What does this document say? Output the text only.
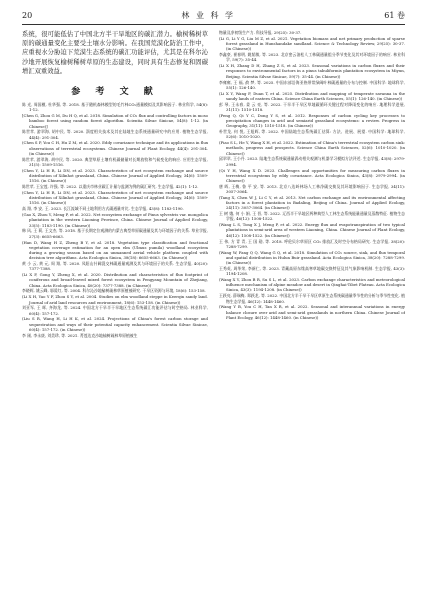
20	林 业 科 学	61 卷

系统，很可能低估了中国北方半干旱地区的碳汇潜力。榆树稀树草原的碳通量变化主要受土壤水分影响。在我国荒漠化防治工作中，应重视水分胁迫下荒漠生态系统的碳汇功能评估，尤其是在科尔沁沙地开展恢复榆树稀树草原的生态建设，同时具有生态修复和固碳增汇双重效益。

参 考 文 献

陈 光, 周国模, 杜华强, 等. 2018. 基于随机森林模型的毛竹林CO₂通量模拟及其影响因子. 林业科学, 54(8): 1-12.

[Chen G, Zhou G M, Du H Q, et al. 2018. Simulation of CO₂ flux and controlling factors in moso bamboo forest using random forest algorithm. Scientia Silvae Sinicae, 54(8): 1-12. (in Chinese)]

陈世苹, 游翠海, 胡中民, 等. 2020. 涡度相关技术及其在陆地生态系统通量研究中的应用. 植物生态学报, 44(4): 291-304.

(Chen S P, You C H, Hu Z M, et al. 2020. Eddy covariance technique and its applications in flux observations of terrestrial ecosystems. Chinese Journal of Plant Ecology, 44(4): 291-304. (in Chinese))

陈世苹, 游翠海, 胡中民, 等. 2020. 典型草原土壤有机碳储量对长期放牧和气候变化的响应. 应用生态学报, 31(5): 1509-1516.

(Chen Y, Li H R, Li DN, et al. 2023. Characteristics of net ecosystem exchange and source distribution of Xilinhot grassland, China. Chinese Journal of Applied Ecology, 34(6): 1509-1516. (in Chinese))

陈世苹, 王宝莲, 许强, 等. 2022. 以重庆市林业碳汇计量与监测为例的碳汇研究. 生态学报, 42(1): 1-12.

(Chen Y, Li H R, Li DN, et al. 2023. Characteristics of net ecosystem exchange and source distribution of Xilinhot grassland, China. Chinese Journal of Applied Ecology, 34(6): 1509-1516. (in Chinese))

高 翔, 李 安, 王. 2023. 长江流域不同土地利用方式碳通量对比. 生态学报, 43(8): 1183-1190.

(Gao X, Zhou Y, Meng P, et al. 2022. Net ecosystem exchange of Pinus sylvestris var. mongolica plantation in the western Liaoning Province, China. Chinese Journal of Applied Ecology, 33(5): 1183-1190. (in Chinese))

韩 风, 王 莉, 王文杰, 等. 2018. 基于长期定位观测的内蒙古典型草原碳通量及其与环境因子的关系. 草业学报, 27(3): 6655-6663.

(Han D, Wang H Z, Zheng B Y, et al. 2018. Vegetation type classification and fractional vegetation coverage estimation for an open elm (Ulmus pumila) woodland ecosystem during a growing season based on an unmanned aerial vehicle platform coupled with decision tree algorithms. Acta Ecologica Sinica, 38(18): 6655-6663. (in Chinese))

黄 小 云, 黄 元, 周 翔, 等. 2020. 凤阳山针阔混交林碳通量观测及其与环境因子的关系. 生态学报, 40(20): 7377-7388.

(Li X F, Gong Y, Zheng X, et al. 2020. Distribution and characteristics of flux footprint of coniferous and broad-leaved mixed forest ecosystem in Fengyang Mountain of Zhejiang, China. Acta Ecologica Sinica, 40(20): 7377-7388. (in Chinese))

李晓辉, 姚云峰, 邬爱红, 等. 2004. 科尔沁沙地榆树疏林草原植被研究. 干旱区资源与环境, 18(6): 153-158.

(Li X H, Yao Y F, Zhou S Y, et al. 2004. Studies on elm woodland steppe in Keerqin sandy land. Journal of arid land resources and environment, 18(6): 153-158. (in Chinese))

刘亚军, 王 晖, 齐海龙, 等. 2024. 中国北方干旱半干旱地区生态系统碳汇功能评估与时空格局. 林业科学, 60(4): 157-172.

(Liu S R, Wang H, Li H K, et al. 2024. Projections of China's forest carbon storage and sequestration and ways of their potential capacity enhancement. Scientia Silvae Sinicae, 60(4): 157-172. (in Chinese))

李 刚, 李永庚, 刘美珍, 等. 2021. 菁莲达克沙地榆树疏林草原植被生

物量及净初级生产力. 科技导报, 29(25): 30-37.

(Li G, Li Y G, Liu M Z, et al. 2021. Vegetation biomass and net primary production of sparse forest grassland in Hunshandake sandland. Science & Technology Review, 29(25): 30-37. (in Chinese))

李鑫豪, 崔春明, 姚韬敏, 等. 2023. 北京密云油松人工林碳通量组分季节变化及其对环境因子的响应. 林业科学, 59(7): 35-44.

(Li X H, Zhang D H, Zhang Z S, et al. 2023. Seasonal variations in carbon fluxes and their responses to environmental factors in a pinus tabuliformis plantation ecosystem in Miyun, Beijing. Scientia Silvae Sinicae, 59(7): 35-44. (in Chinese))

李雍雍, 王 福, 俞 梦, 等. 2025. 中国东部沿海亚热带常绿阔叶林碳通量的分布与控制. 中国科学: 地球科学, 55(1): 126-140.

(Li X Y, Wang F, Duan T, et al. 2025. Distribution and mapping of temperate savanna in the sandy lands of eastern China. Science China Earth Sciences, 55(1): 126-140. (in Chinese))

彭 琴, 王永春, 姜 云 亮, 等. 2022. 干旱半干旱区草地碳循环关键过程对降雨变化的响应. 地理科学进展, 31(11): 1510-1518.

(Peng Q, Qi Y C, Dong Y S, et al. 2012. Responses of carbon cycling key processes to precipitation changes in arid and semiarid grassland ecosystems: a review. Progress in Geography, 31(11): 1510-1518. (in Chinese))

朴世龙, 何 悦, 王旭辉, 等. 2022. 中国陆地生态系统碳汇估算: 方法、进展、展望. 中国科学: 地球科学, 52(6): 1010-1020.

(Piao S L, He Y, Wang X H, et al. 2022. Estimation of China's terrestrial ecosystem carbon sink: methods, progress and prospects. Science China Earth Sciences, 52(6): 1010-1020. (in Chinese))

邱翠翠, 王小丹. 2023. 陆地生态系统碳通量涡动相关观测与机器学习模拟方法评述. 生态学报, 43(8): 2979-2994.

(Qi Y H, Wang X D. 2023. Challenges and opportunities for measuring carbon fluxes in terrestrial ecosystems by eddy covariance. Acta Ecologica Sinica, 43(8): 2979-2994. (in Chinese))

唐 晖, 王梅, 鲁 平 安, 等. 2013. 北京八达岭林场人工林净碳交换及其环境影响因子. 生态学报, 34(11): 3057-3064.

(Tang X, Chen W J, Li C Y, et al. 2013. Net carbon exchange and its environmental affecting factors in a forest plantation in Badaling, Beijing of China. Journal of Applied Ecology, 24(11): 3057-3064. (in Chinese))

王 树 娥, 何 小 娟, 王 晋, 等. 2022. 辽西半干旱地区两种典型人工林生态系统能量通量及蒸散特征. 植物生态学报, 46(12): 1508-1522.

(Wang L S, Tong X J, Meng P, et al. 2022. Energy flux and evapotranspiration of two typical plantations in semi-arid area of western Liaoning, China. Chinese Journal of Plant Ecology, 46(12): 1508-1522. (in Chinese))

王 伟, 方 青 青, 王 国 勋, 等. 2018. 呼伦贝尔草原区 CO₂ 排放汇及时空分布格局研究. 生态学报, 38(20): 7288-7299.

(Wang W, Fang Q Q, Wang G Q, et al. 2018. Simulation of CO₂ source, sink, and flux temporal and spatial distribution in Hulun Buir grassland. Acta Ecologica Sinica, 38(20): 7288-7299. (in Chinese))

王秀英, 周华荣, 李新仁, 等. 2023. 青藏高原东缘高寒草地碳交换特征及其气象影响机制. 生态学报, 43(3): 1194-1208.

(Wang X Y, Zhou B R, Su S L, et al. 2023. Carbon exchange characteristics and meteorological influence mechanism of alpine meadow and desert in Qinghai-Tibet Plateau. Acta Ecologica Sinica, 43(3): 1194-1208. (in Chinese))

王跃亮, 薛瑞梅, 郑跃龙, 等. 2022. 中国北方半干旱干旱区草原生态系统碳通量季节性的分析与季节性变化. 植物生态学报, 46(12): 1448-1460.

(Wang Y B, You C H, Tan X R, et al. 2022. Seasonal and interannual variations in energy balance closure over arid and semi-arid grasslands in northern China. Chinese Journal of Plant Ecology, 46(12): 1448-1460. (in Chinese))
